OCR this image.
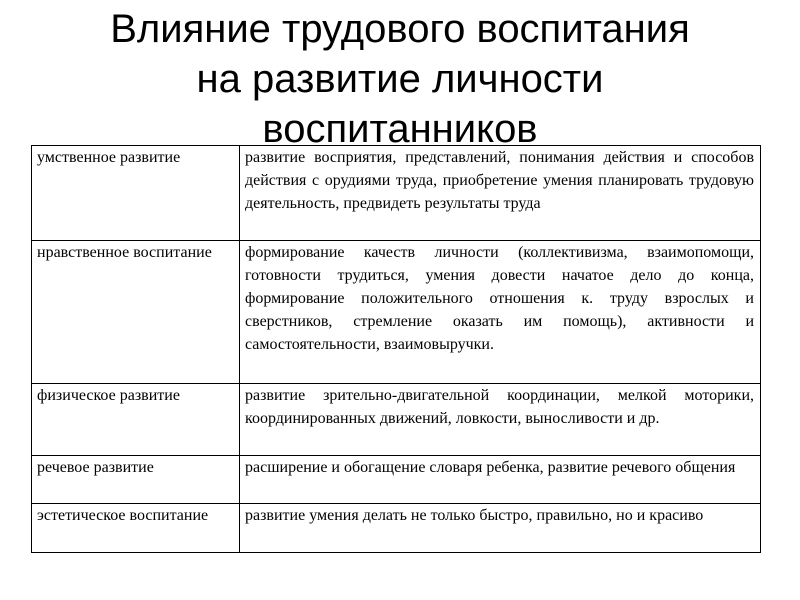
Влияние трудового воспитания
на развитие личности
воспитанников
умственное развитие	развитие восприятия, представлений, понимания действия и способов действия с орудиями труда, приобретение умения планировать трудовую деятельность, предвидеть результаты труда
нравственное воспитание	формирование качеств личности (коллективизма, взаимопомощи, готовности трудиться, умения довести начатое дело до конца, формирование положительного отношения к. труду взрослых и сверстников, стремление оказать им помощь), активности и самостоятельности, взаимовыручки.
физическое развитие	развитие зрительно-двигательной координации, мелкой моторики, координированных движений, ловкости, выносливости и др.
речевое развитие	расширение и обогащение словаря ребенка, развитие речевого общения
эстетическое воспитание	развитие умения делать не только быстро, правильно, но и красиво
